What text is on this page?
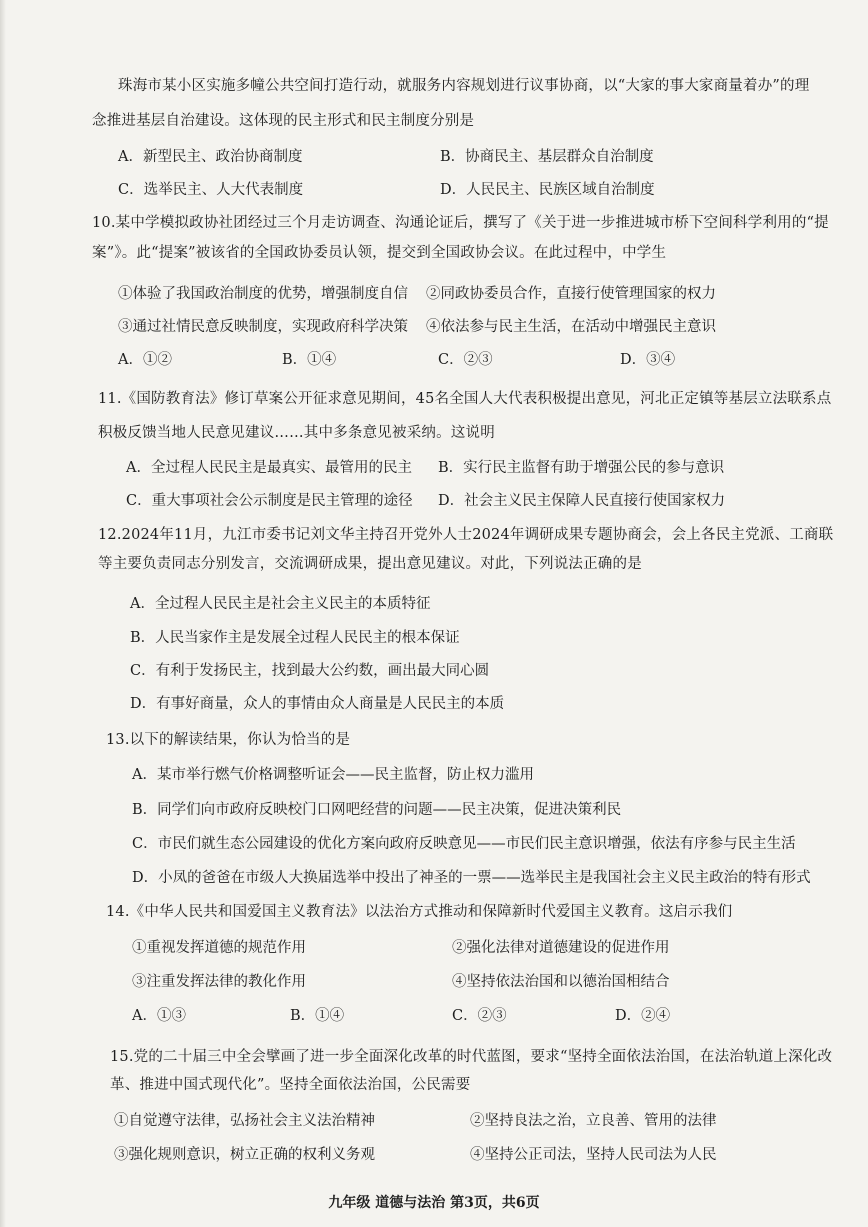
珠海市某小区实施多幢公共空间打造行动，就服务内容规划进行议事协商，以“大家的事大家商量着办”的理
念推进基层自治建设。这体现的民主形式和民主制度分别是
A．新型民主、政治协商制度	B．协商民主、基层群众自治制度
C．选举民主、人大代表制度	D．人民民主、民族区域自治制度
10.某中学模拟政协社团经过三个月走访调查、沟通论证后，撰写了《关于进一步推进城市桥下空间科学利用的“提
案”》。此“提案”被该省的全国政协委员认领，提交到全国政协会议。在此过程中，中学生
①体验了我国政治制度的优势，增强制度自信 ②同政协委员合作，直接行使管理国家的权力
③通过社情民意反映制度，实现政府科学决策 ④依法参与民主生活，在活动中增强民主意识
A．①②	B．①④	C．②③	D．③④
11.《国防教育法》修订草案公开征求意见期间，45名全国人大代表积极提出意见，河北正定镇等基层立法联系点
积极反馈当地人民意见建议……其中多条意见被采纳。这说明
A．全过程人民民主是最真实、最管用的民主 B．实行民主监督有助于增强公民的参与意识
C．重大事项社会公示制度是民主管理的途径 D．社会主义民主保障人民直接行使国家权力
12.2024年11月，九江市委书记刘文华主持召开党外人士2024年调研成果专题协商会，会上各民主党派、工商联
等主要负责同志分别发言，交流调研成果，提出意见建议。对此，下列说法正确的是
A．全过程人民民主是社会主义民主的本质特征
B．人民当家作主是发展全过程人民民主的根本保证
C．有利于发扬民主，找到最大公约数，画出最大同心圆
D．有事好商量，众人的事情由众人商量是人民民主的本质
13.以下的解读结果，你认为恰当的是
A．某市举行燃气价格调整听证会——民主监督，防止权力滥用
B．同学们向市政府反映校门口网吧经营的问题——民主决策，促进决策利民
C．市民们就生态公园建设的优化方案向政府反映意见——市民们民主意识增强，依法有序参与民主生活
D．小凤的爸爸在市级人大换届选举中投出了神圣的一票——选举民主是我国社会主义民主政治的特有形式
14.《中华人民共和国爱国主义教育法》以法治方式推动和保障新时代爱国主义教育。这启示我们
①重视发挥道德的规范作用	②强化法律对道德建设的促进作用
③注重发挥法律的教化作用	④坚持依法治国和以德治国相结合
A．①③	B．①④	C．②③	D．②④
15.党的二十届三中全会擘画了进一步全面深化改革的时代蓝图，要求“坚持全面依法治国，在法治轨道上深化改
革、推进中国式现代化”。坚持全面依法治国，公民需要
①自觉遵守法律，弘扬社会主义法治精神	②坚持良法之治，立良善、管用的法律
③强化规则意识，树立正确的权利义务观	④坚持公正司法，坚持人民司法为人民
九年级 道德与法治 第3页，共6页
